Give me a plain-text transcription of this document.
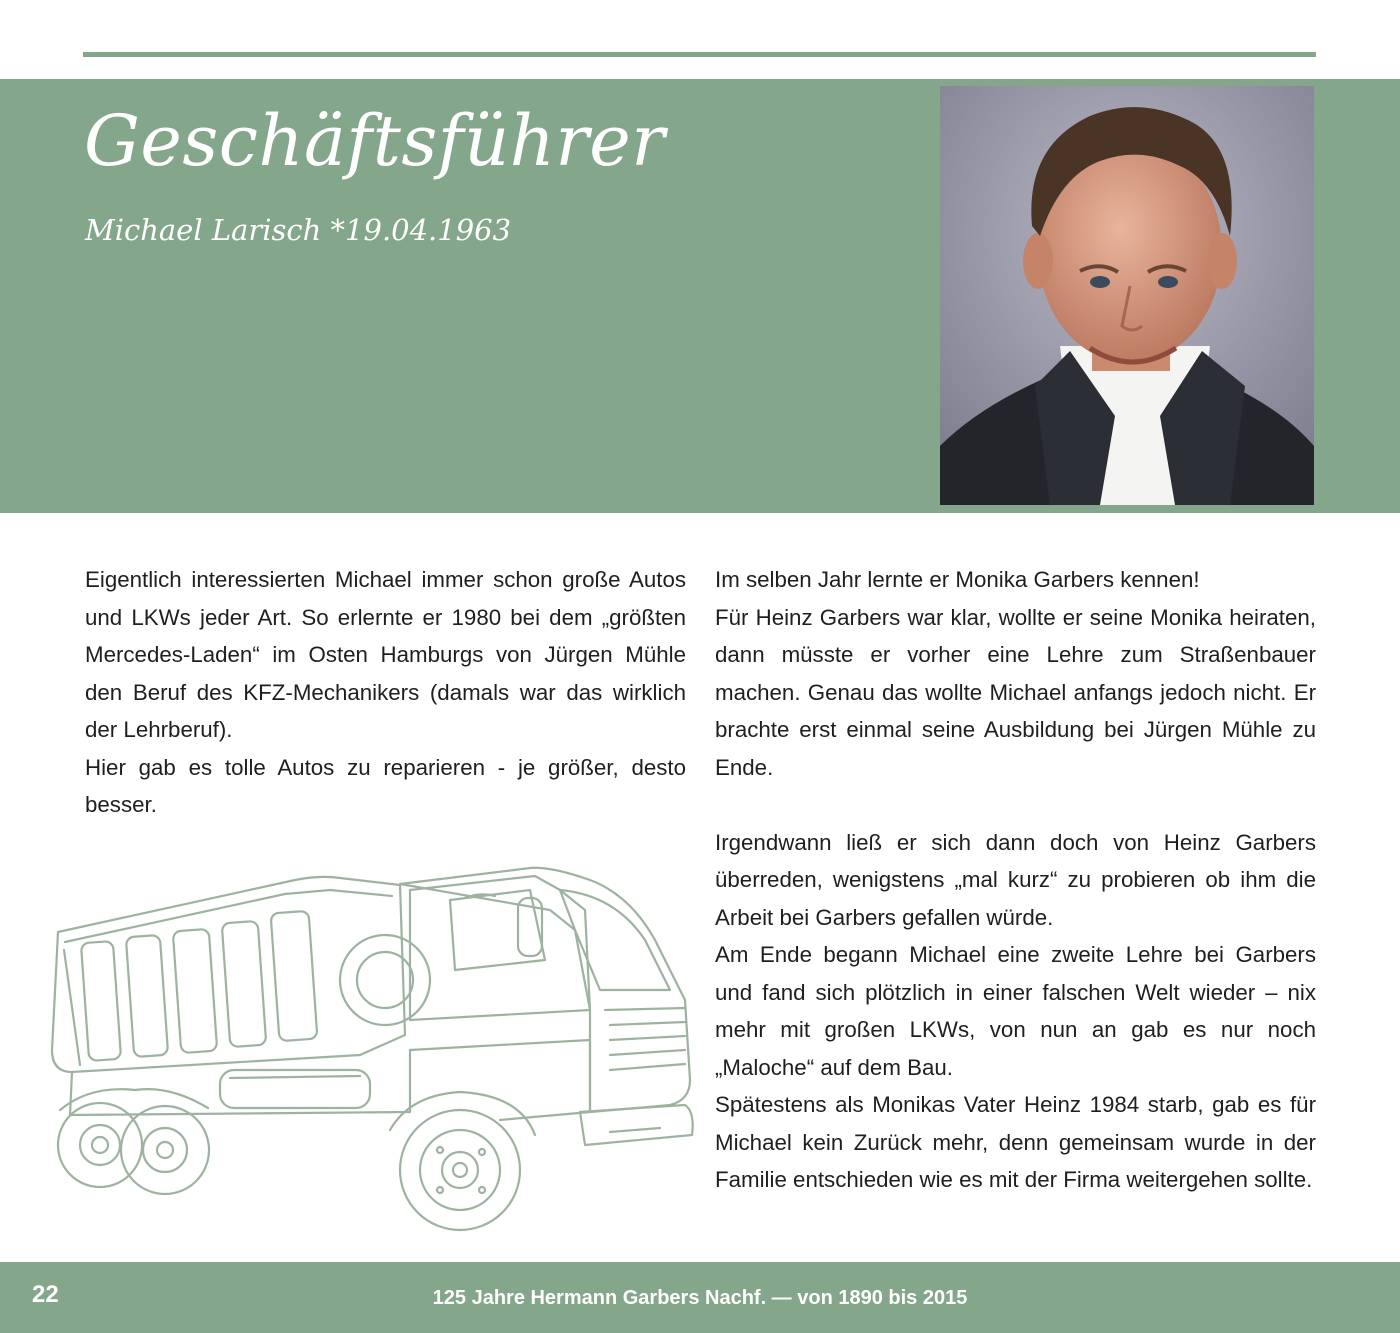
Geschäftsführer
Michael Larisch *19.04.1963

Eigentlich interessierten Michael immer schon große Autos und LKWs jeder Art. So erlernte er 1980 bei dem „größten Mercedes-Laden“ im Osten Hamburgs von Jürgen Mühle den Beruf des KFZ-Mechanikers (damals war das wirklich der Lehrberuf).

Hier gab es tolle Autos zu reparieren - je größer, desto besser.

Im selben Jahr lernte er Monika Garbers kennen!

Für Heinz Garbers war klar, wollte er seine Monika heiraten, dann müsste er vorher eine Lehre zum Straßenbauer machen. Genau das wollte Michael anfangs jedoch nicht. Er brachte erst einmal seine Ausbildung bei Jürgen Mühle zu Ende.

Irgendwann ließ er sich dann doch von Heinz Garbers überreden, wenigstens „mal kurz“ zu probieren ob ihm die Arbeit bei Garbers gefallen würde.

Am Ende begann Michael eine zweite Lehre bei Garbers und fand sich plötzlich in einer falschen Welt wieder – nix mehr mit großen LKWs, von nun an gab es nur noch „Maloche“ auf dem Bau.

Spätestens als Monikas Vater Heinz 1984 starb, gab es für Michael kein Zurück mehr, denn gemeinsam wurde in der Familie entschieden wie es mit der Firma weitergehen sollte.

22	125 Jahre Hermann Garbers Nachf. — von 1890 bis 2015
